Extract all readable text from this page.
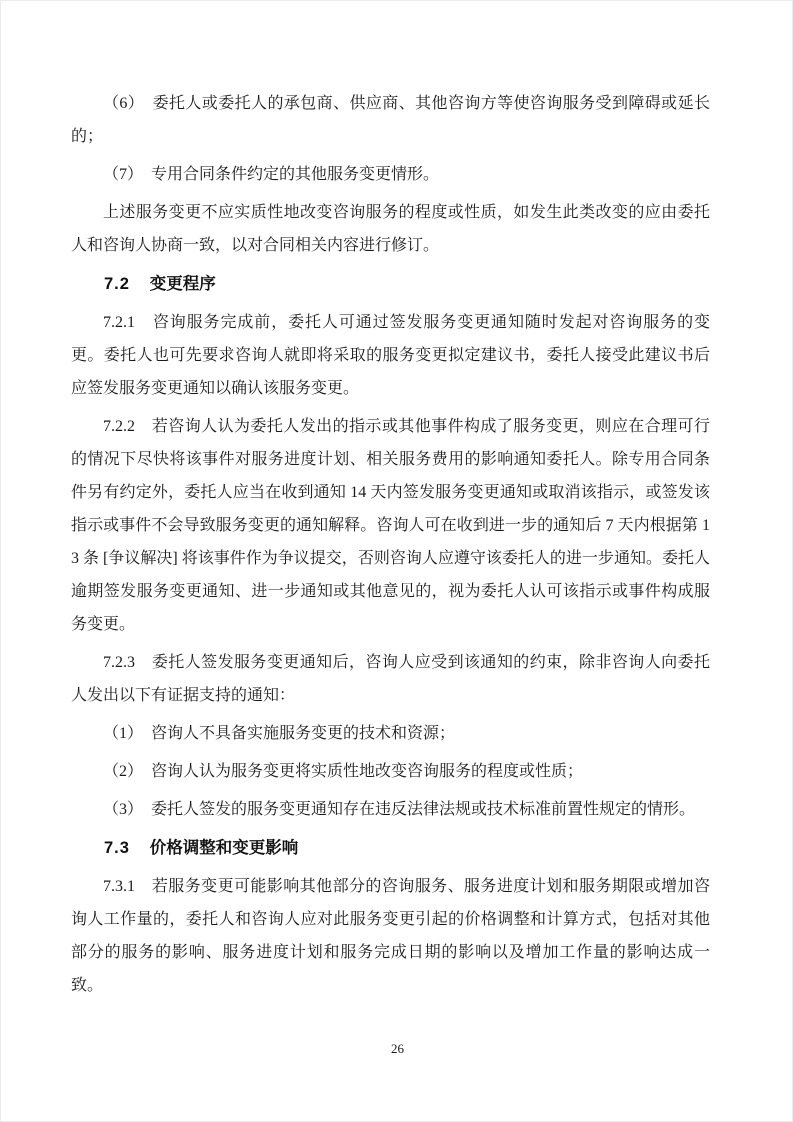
（6）　委托人或委托人的承包商、供应商、其他咨询方等使咨询服务受到障碍或延长的；

（7）　专用合同条件约定的其他服务变更情形。

上述服务变更不应实质性地改变咨询服务的程度或性质，如发生此类改变的应由委托人和咨询人协商一致，以对合同相关内容进行修订。

7.2 变更程序

7.2.1　咨询服务完成前，委托人可通过签发服务变更通知随时发起对咨询服务的变更。委托人也可先要求咨询人就即将采取的服务变更拟定建议书，委托人接受此建议书后应签发服务变更通知以确认该服务变更。

7.2.2　若咨询人认为委托人发出的指示或其他事件构成了服务变更，则应在合理可行的情况下尽快将该事件对服务进度计划、相关服务费用的影响通知委托人。除专用合同条件另有约定外，委托人应当在收到通知 14 天内签发服务变更通知或取消该指示，或签发该指示或事件不会导致服务变更的通知解释。咨询人可在收到进一步的通知后 7 天内根据第 13 条 [争议解决] 将该事件作为争议提交，否则咨询人应遵守该委托人的进一步通知。委托人逾期签发服务变更通知、进一步通知或其他意见的，视为委托人认可该指示或事件构成服务变更。

7.2.3　委托人签发服务变更通知后，咨询人应受到该通知的约束，除非咨询人向委托人发出以下有证据支持的通知：

（1）　咨询人不具备实施服务变更的技术和资源；

（2）　咨询人认为服务变更将实质性地改变咨询服务的程度或性质；

（3）　委托人签发的服务变更通知存在违反法律法规或技术标准前置性规定的情形。

7.3 价格调整和变更影响

7.3.1　若服务变更可能影响其他部分的咨询服务、服务进度计划和服务期限或增加咨询人工作量的，委托人和咨询人应对此服务变更引起的价格调整和计算方式，包括对其他部分的服务的影响、服务进度计划和服务完成日期的影响以及增加工作量的影响达成一致。

26
